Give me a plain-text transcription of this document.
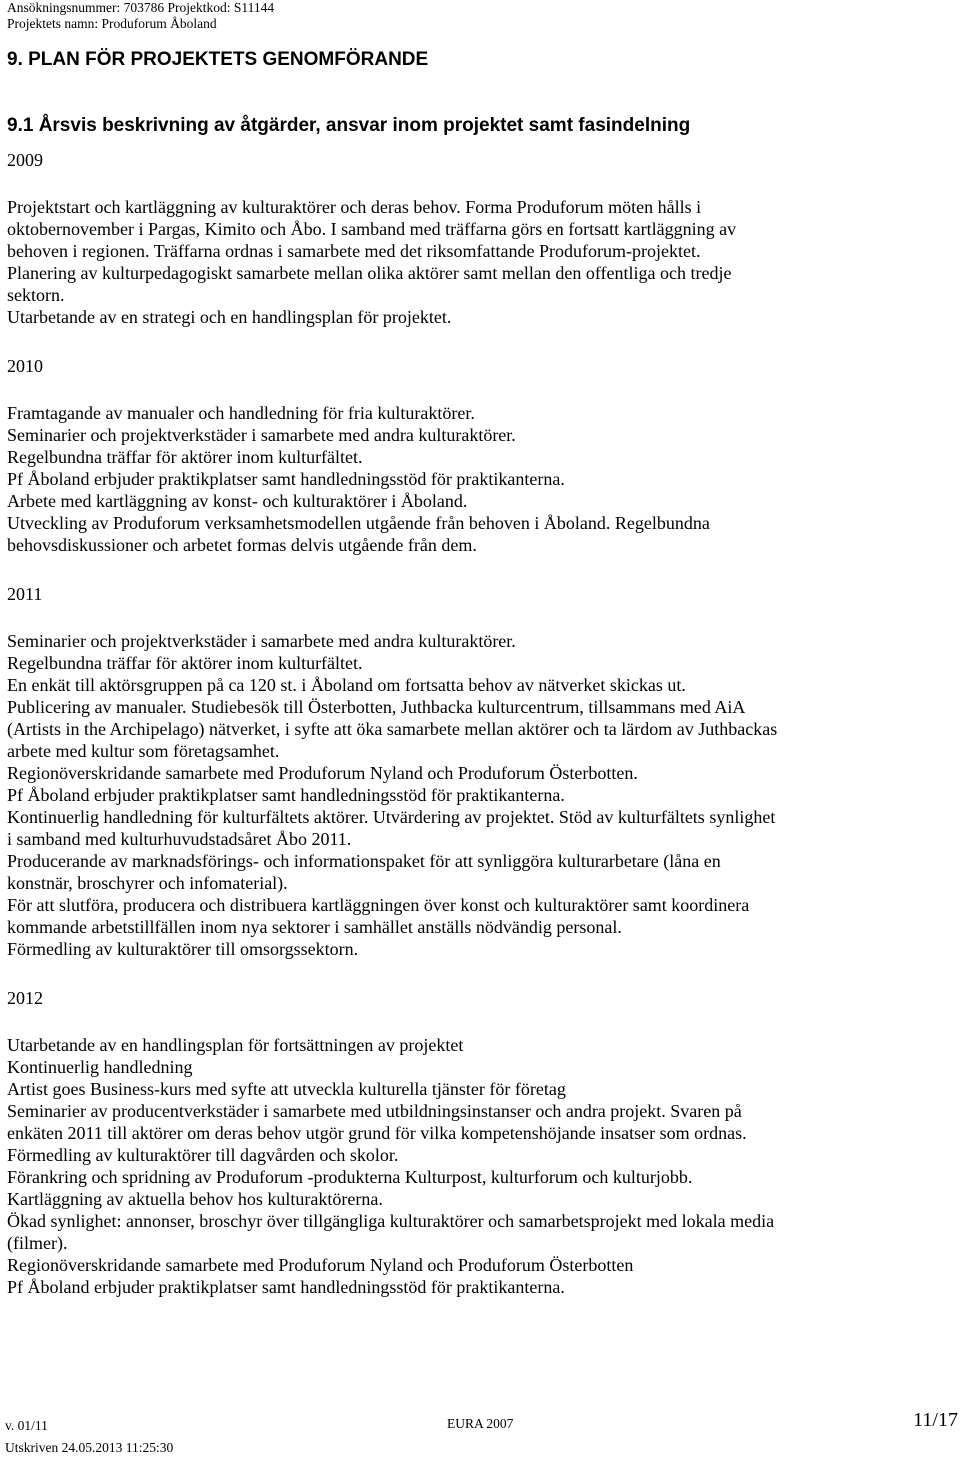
Ansökningsnummer: 703786 Projektkod: S11144
Projektets namn: Produforum Åboland
9. PLAN FÖR PROJEKTETS GENOMFÖRANDE
9.1 Årsvis beskrivning av åtgärder, ansvar inom projektet samt fasindelning

2009

Projektstart och kartläggning av kulturaktörer och deras behov. Forma Produforum möten hålls i

oktobernovember i Pargas, Kimito och Åbo. I samband med träffarna görs en fortsatt kartläggning av

behoven i regionen. Träffarna ordnas i samarbete med det riksomfattande Produforum-projektet.

Planering av kulturpedagogiskt samarbete mellan olika aktörer samt mellan den offentliga och tredje

sektorn.

Utarbetande av en strategi och en handlingsplan för projektet.

2010

Framtagande av manualer och handledning för fria kulturaktörer.

Seminarier och projektverkstäder i samarbete med andra kulturaktörer.

Regelbundna träffar för aktörer inom kulturfältet.

Pf Åboland erbjuder praktikplatser samt handledningsstöd för praktikanterna.

Arbete med kartläggning av konst- och kulturaktörer i Åboland.

Utveckling av Produforum verksamhetsmodellen utgående från behoven i Åboland. Regelbundna

behovsdiskussioner och arbetet formas delvis utgående från dem.

2011

Seminarier och projektverkstäder i samarbete med andra kulturaktörer.

Regelbundna träffar för aktörer inom kulturfältet.

En enkät till aktörsgruppen på ca 120 st. i Åboland om fortsatta behov av nätverket skickas ut.

Publicering av manualer. Studiebesök till Österbotten, Juthbacka kulturcentrum, tillsammans med AiA

(Artists in the Archipelago) nätverket, i syfte att öka samarbete mellan aktörer och ta lärdom av Juthbackas

arbete med kultur som företagsamhet.

Regionöverskridande samarbete med Produforum Nyland och Produforum Österbotten.

Pf Åboland erbjuder praktikplatser samt handledningsstöd för praktikanterna.

Kontinuerlig handledning för kulturfältets aktörer. Utvärdering av projektet. Stöd av kulturfältets synlighet

i samband med kulturhuvudstadsåret Åbo 2011.

Producerande av marknadsförings- och informationspaket för att synliggöra kulturarbetare (låna en

konstnär, broschyrer och infomaterial).

För att slutföra, producera och distribuera kartläggningen över konst och kulturaktörer samt koordinera

kommande arbetstillfällen inom nya sektorer i samhället anställs nödvändig personal.

Förmedling av kulturaktörer till omsorgssektorn.

2012

Utarbetande av en handlingsplan för fortsättningen av projektet

Kontinuerlig handledning

Artist goes Business-kurs med syfte att utveckla kulturella tjänster för företag

Seminarier av producentverkstäder i samarbete med utbildningsinstanser och andra projekt. Svaren på

enkäten 2011 till aktörer om deras behov utgör grund för vilka kompetenshöjande insatser som ordnas.

Förmedling av kulturaktörer till dagvården och skolor.

Förankring och spridning av Produforum -produkterna Kulturpost, kulturforum och kulturjobb.

Kartläggning av aktuella behov hos kulturaktörerna.

Ökad synlighet: annonser, broschyr över tillgängliga kulturaktörer och samarbetsprojekt med lokala media

(filmer).

Regionöverskridande samarbete med Produforum Nyland och Produforum Österbotten

Pf Åboland erbjuder praktikplatser samt handledningsstöd för praktikanterna.

v. 01/11
Utskriven 24.05.2013 11:25:30
EURA 2007	11/17
